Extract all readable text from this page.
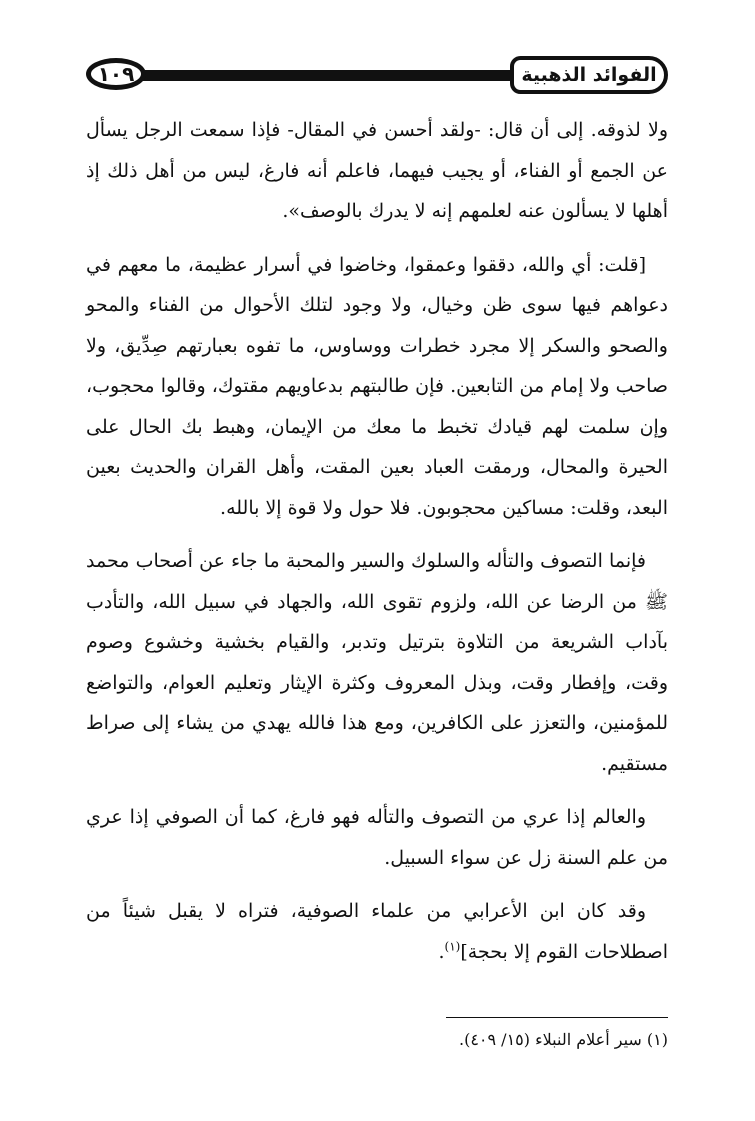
١٠٩	الفوائد الذهبية

ولا لذوقه. إلى أن قال: -ولقد أحسن في المقال- فإذا سمعت الرجل يسأل عن الجمع أو الفناء، أو يجيب فيهما، فاعلم أنه فارغ، ليس من أهل ذلك إذ أهلها لا يسألون عنه لعلمهم إنه لا يدرك بالوصف».

[قلت: أي والله، دققوا وعمقوا، وخاضوا في أسرار عظيمة، ما معهم في دعواهم فيها سوى ظن وخيال، ولا وجود لتلك الأحوال من الفناء والمحو والصحو والسكر إلا مجرد خطرات ووساوس، ما تفوه بعبارتهم صِدِّيق، ولا صاحب ولا إمام من التابعين. فإن طالبتهم بدعاويهم مقتوك، وقالوا محجوب، وإن سلمت لهم قيادك تخبط ما معك من الإيمان، وهبط بك الحال على الحيرة والمحال، ورمقت العباد بعين المقت، وأهل القران والحديث بعين البعد، وقلت: مساكين محجوبون. فلا حول ولا قوة إلا بالله.

فإنما التصوف والتأله والسلوك والسير والمحبة ما جاء عن أصحاب محمد ﷺ من الرضا عن الله، ولزوم تقوى الله، والجهاد في سبيل الله، والتأدب بآداب الشريعة من التلاوة بترتيل وتدبر، والقيام بخشية وخشوع وصوم وقت، وإفطار وقت، وبذل المعروف وكثرة الإيثار وتعليم العوام، والتواضع للمؤمنين، والتعزز على الكافرين، ومع هذا فالله يهدي من يشاء إلى صراط مستقيم.

والعالم إذا عري من التصوف والتأله فهو فارغ، كما أن الصوفي إذا عري من علم السنة زل عن سواء السبيل.

وقد كان ابن الأعرابي من علماء الصوفية، فتراه لا يقبل شيئاً من اصطلاحات القوم إلا بحجة]$^{(١)}$.

(١) سير أعلام النبلاء (١٥/ ٤٠٩).
